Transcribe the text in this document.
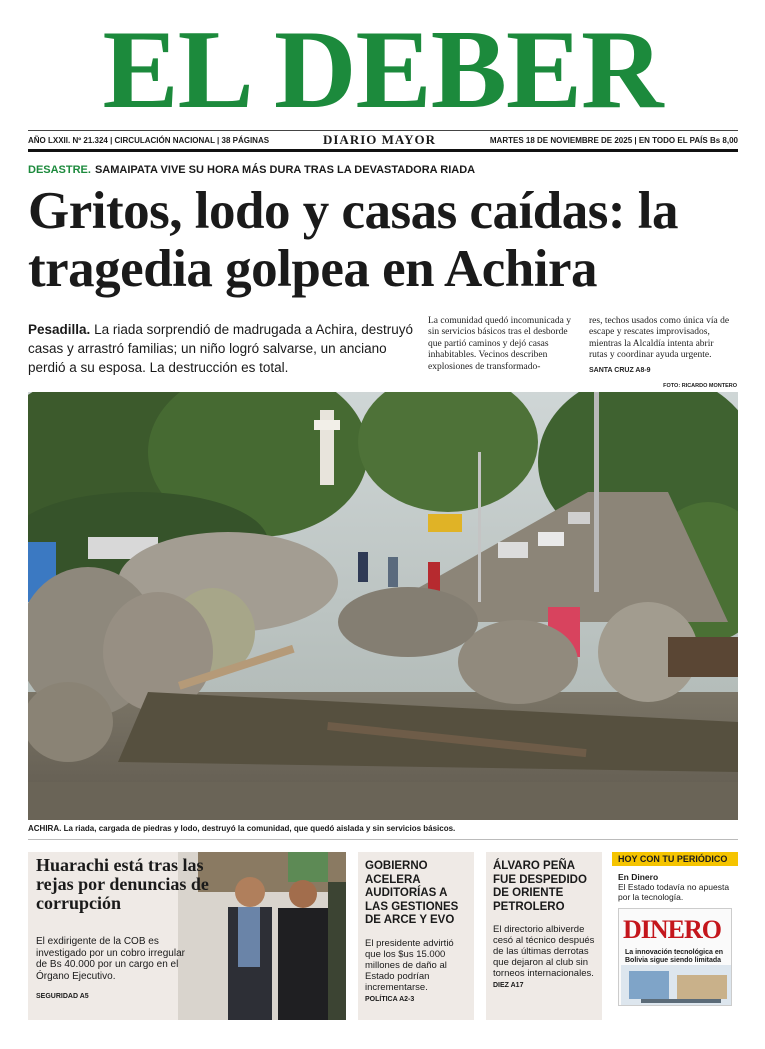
EL DEBER
AÑO LXXII. Nº 21.324 | CIRCULACIÓN NACIONAL | 38 PÁGINAS	DIARIO MAYOR	MARTES 18 DE NOVIEMBRE DE 2025 | EN TODO EL PAÍS Bs 8,00
DESASTRE. SAMAIPATA VIVE SU HORA MÁS DURA TRAS LA DEVASTADORA RIADA
Gritos, lodo y casas caídas: la tragedia golpea en Achira

Pesadilla. La riada sorprendió de madrugada a Achira, destruyó casas y arrastró familias; un niño logró salvarse, un anciano perdió a su esposa. La destrucción es total.

La comunidad quedó incomunicada y sin servicios básicos tras el desborde que partió caminos y dejó casas inhabitables. Vecinos describen explosiones de transformado-

res, techos usados como única vía de escape y rescates improvisados, mientras la Alcaldía intenta abrir rutas y coordinar ayuda urgente.
SANTA CRUZ A8-9
FOTO: RICARDO MONTERO

ACHIRA. La riada, cargada de piedras y lodo, destruyó la comunidad, que quedó aislada y sin servicios básicos.

Huarachi está tras las rejas por denuncias de corrupción
El exdirigente de la COB es investigado por un cobro irregular de Bs 40.000 por un cargo en el Órgano Ejecutivo.
SEGURIDAD A5
GOBIERNO ACELERA AUDITORÍAS A LAS GESTIONES DE ARCE Y EVO
El presidente advirtió que los $us 15.000 millones de daño al Estado podrían incrementarse.
POLÍTICA A2-3
ÁLVARO PEÑA FUE DESPEDIDO DE ORIENTE PETROLERO
El directorio albiverde cesó al técnico después de las últimas derrotas que dejaron al club sin torneos internacionales.
DIEZ A17
HOY CON TU PERIÓDICO
En Dinero
El Estado todavía no apuesta por la tecnología.
DINERO
La innovación tecnológica en Bolivia sigue siendo limitada
